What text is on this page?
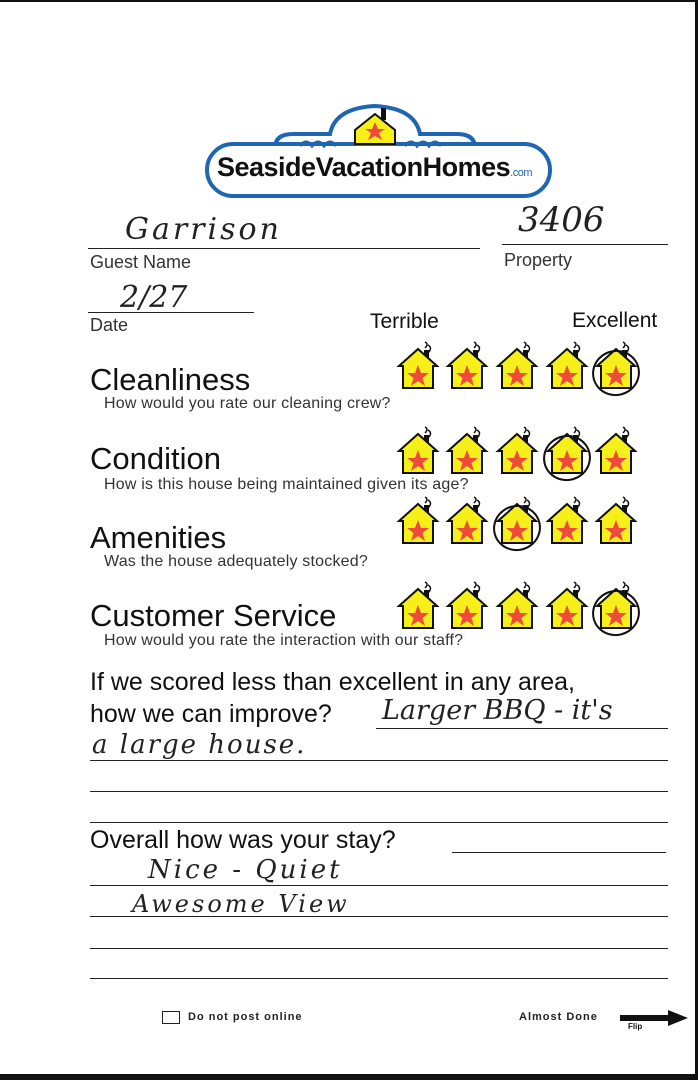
SeasideVacationHomes.com
Garrison
Guest Name
3406
Property
2/27
Date	Terrible	Excellent
Cleanliness
How would you rate our cleaning crew?
Condition
How is this house being maintained given its age?
Amenities
Was the house adequately stocked?
Customer Service
How would you rate the interaction with our staff?
If we scored less than excellent in any area,
how we can improve? Larger BBQ - it's
a large house.
Overall how was your stay?
Nice - Quiet
Awesome View
Do not post online	Almost Done
Flip
